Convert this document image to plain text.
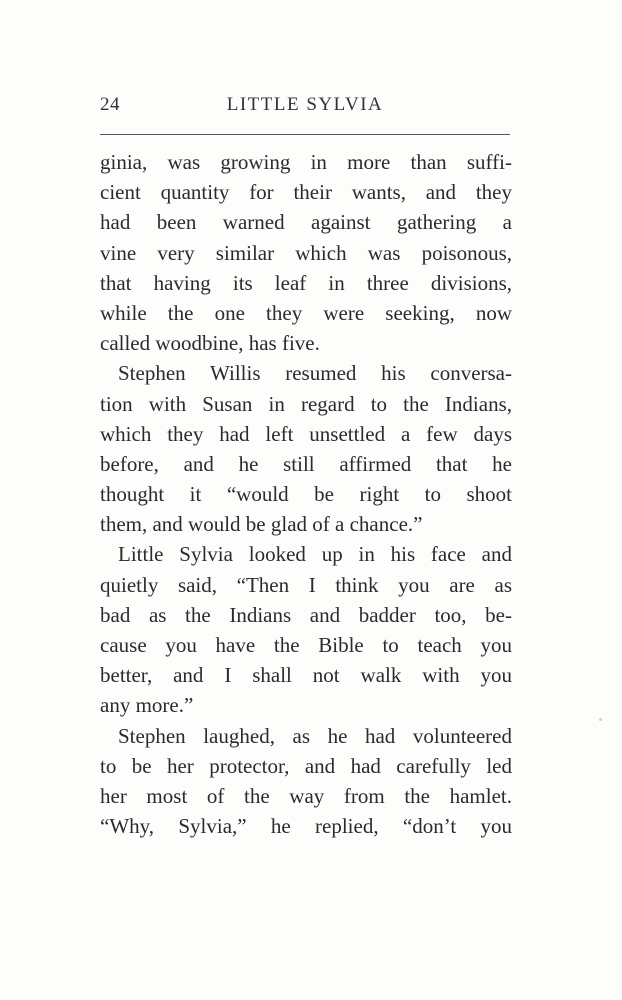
24	LITTLE SYLVIA
ginia, was growing in more than suffi-
cient quantity for their wants, and they
had been warned against gathering a
vine very similar which was poisonous,
that having its leaf in three divisions,
while the one they were seeking, now
called woodbine, has five.
Stephen Willis resumed his conversa-
tion with Susan in regard to the Indians,
which they had left unsettled a few days
before, and he still affirmed that he
thought it “would be right to shoot
them, and would be glad of a chance.”
Little Sylvia looked up in his face and
quietly said, “Then I think you are as
bad as the Indians and badder too, be-
cause you have the Bible to teach you
better, and I shall not walk with you
any more.”
Stephen laughed, as he had volunteered
to be her protector, and had carefully led
her most of the way from the hamlet.
“Why, Sylvia,” he replied, “don’t you
